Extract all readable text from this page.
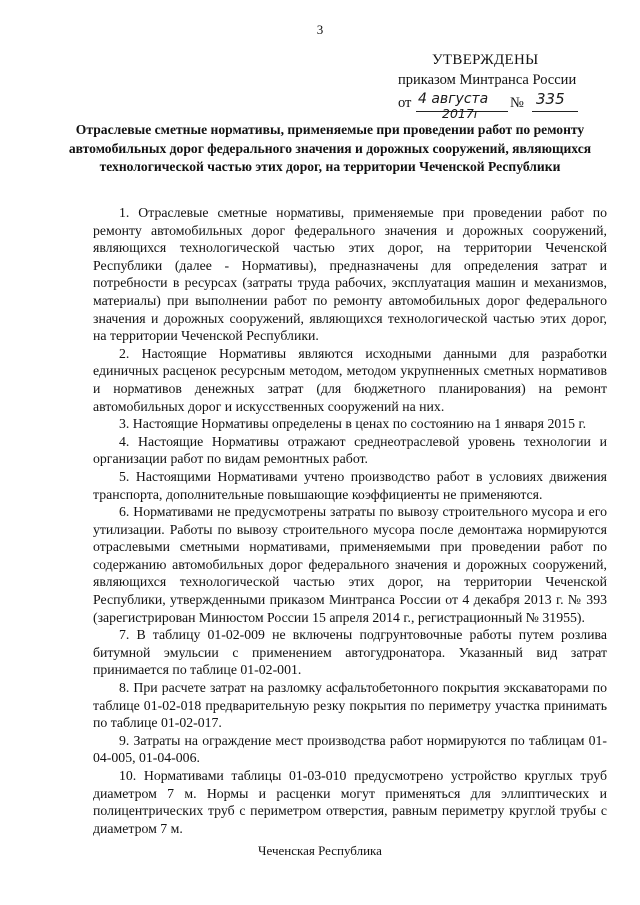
3
УТВЕРЖДЕНЫ
приказом Минтранса России
от 4 августа
2017г
№ 335
Отраслевые сметные нормативы, применяемые при проведении работ по ремонту автомобильных дорог федерального значения и дорожных сооружений, являющихся технологической частью этих дорог, на территории Чеченской Республики

1. Отраслевые сметные нормативы, применяемые при проведении работ по ремонту автомобильных дорог федерального значения и дорожных сооружений, являющихся технологической частью этих дорог, на территории Чеченской Республики (далее - Нормативы), предназначены для определения затрат и потребности в ресурсах (затраты труда рабочих, эксплуатация машин и механизмов, материалы) при выполнении работ по ремонту автомобильных дорог федерального значения и дорожных сооружений, являющихся технологической частью этих дорог, на территории Чеченской Республики.

2. Настоящие Нормативы являются исходными данными для разработки единичных расценок ресурсным методом, методом укрупненных сметных нормативов и нормативов денежных затрат (для бюджетного планирования) на ремонт автомобильных дорог и искусственных сооружений на них.

3. Настоящие Нормативы определены в ценах по состоянию на 1 января 2015 г.

4. Настоящие Нормативы отражают среднеотраслевой уровень технологии и организации работ по видам ремонтных работ.

5. Настоящими Нормативами учтено производство работ в условиях движения транспорта, дополнительные повышающие коэффициенты не применяются.

6. Нормативами не предусмотрены затраты по вывозу строительного мусора и его утилизации. Работы по вывозу строительного мусора после демонтажа нормируются отраслевыми сметными нормативами, применяемыми при проведении работ по содержанию автомобильных дорог федерального значения и дорожных сооружений, являющихся технологической частью этих дорог, на территории Чеченской Республики, утвержденными приказом Минтранса России от 4 декабря 2013 г. № 393 (зарегистрирован Минюстом России 15 апреля 2014 г., регистрационный № 31955).

7. В таблицу 01-02-009 не включены подгрунтовочные работы путем розлива битумной эмульсии с применением автогудронатора. Указанный вид затрат принимается по таблице 01-02-001.

8. При расчете затрат на разломку асфальтобетонного покрытия экскаваторами по таблице 01-02-018 предварительную резку покрытия по периметру участка принимать по таблице 01-02-017.

9. Затраты на ограждение мест производства работ нормируются по таблицам 01-04-005, 01-04-006.

10. Нормативами таблицы 01-03-010 предусмотрено устройство круглых труб диаметром 7 м. Нормы и расценки могут применяться для эллиптических и полицентрических труб с периметром отверстия, равным периметру круглой трубы с диаметром 7 м.

Чеченская Республика
